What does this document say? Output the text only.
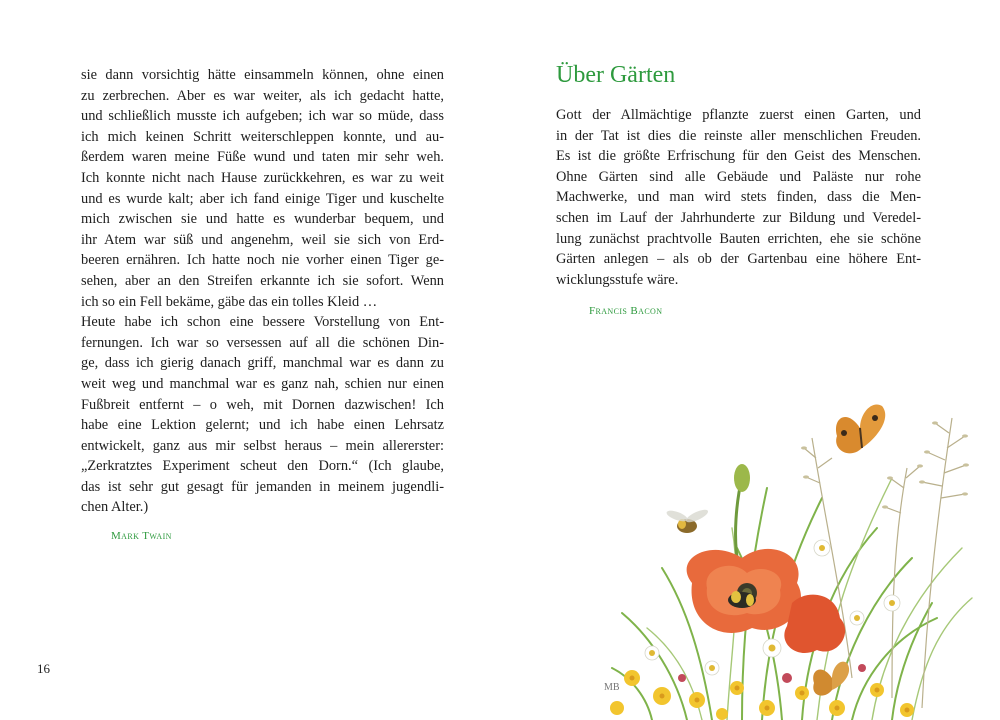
sie dann vorsichtig hätte einsammeln können, ohne einen
zu zerbrechen. Aber es war weiter, als ich gedacht hatte,
und schließlich musste ich aufgeben; ich war so müde, dass
ich mich keinen Schritt weiterschleppen konnte, und au-
ßerdem waren meine Füße wund und taten mir sehr weh.
Ich konnte nicht nach Hause zurückkehren, es war zu weit
und es wurde kalt; aber ich fand einige Tiger und kuschelte
mich zwischen sie und hatte es wunderbar bequem, und
ihr Atem war süß und angenehm, weil sie sich von Erd-
beeren ernähren. Ich hatte noch nie vorher einen Tiger ge-
sehen, aber an den Streifen erkannte ich sie sofort. Wenn
ich so ein Fell bekäme, gäbe das ein tolles Kleid …
Heute habe ich schon eine bessere Vorstellung von Ent-
fernungen. Ich war so versessen auf all die schönen Din-
ge, dass ich gierig danach griff, manchmal war es dann zu
weit weg und manchmal war es ganz nah, schien nur einen
Fußbreit entfernt – o weh, mit Dornen dazwischen! Ich
habe eine Lektion gelernt; und ich habe einen Lehrsatz
entwickelt, ganz aus mir selbst heraus – mein allererster:
„Zerkratztes Experiment scheut den Dorn.“ (Ich glaube,
das ist sehr gut gesagt für jemanden in meinem jugendli-
chen Alter.)
Mark Twain
16
Über Gärten
Gott der Allmächtige pflanzte zuerst einen Garten, und
in der Tat ist dies die reinste aller menschlichen Freuden.
Es ist die größte Erfrischung für den Geist des Menschen.
Ohne Gärten sind alle Gebäude und Paläste nur rohe
Machwerke, und man wird stets finden, dass die Men-
schen im Lauf der Jahrhunderte zur Bildung und Veredel-
lung zunächst prachtvolle Bauten errichten, ehe sie schöne
Gärten anlegen – als ob der Gartenbau eine höhere Ent-
wicklungsstufe wäre.
Francis Bacon
MB
